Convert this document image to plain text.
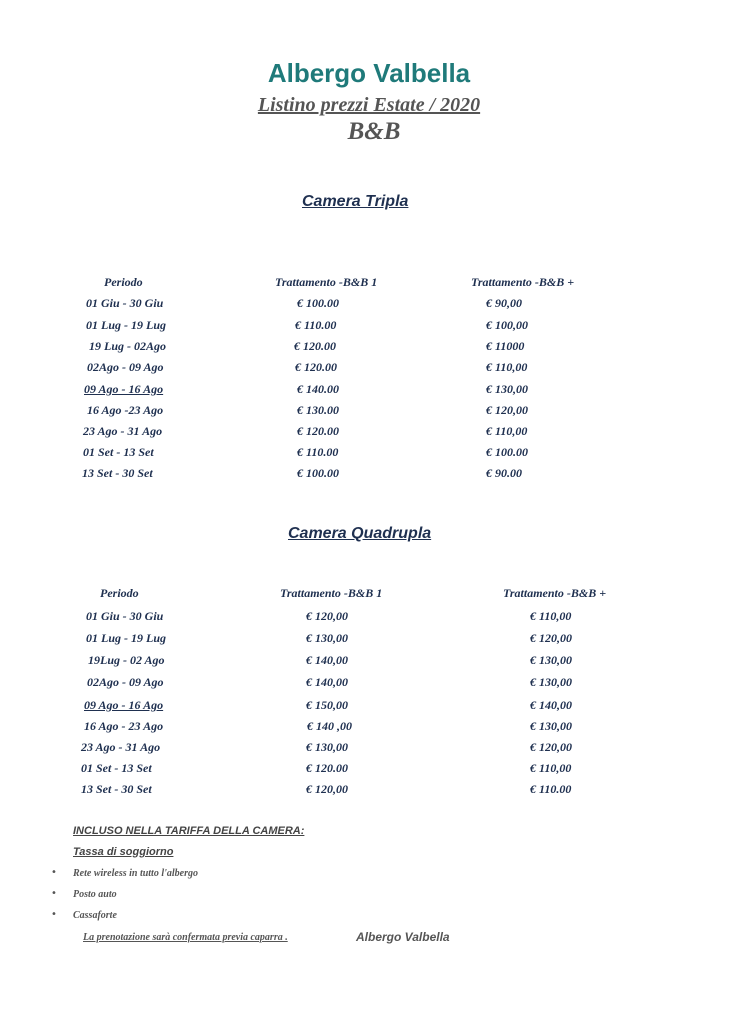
Albergo Valbella
Listino prezzi Estate / 2020
B&B
Camera Tripla
Periodo	Trattamento -B&B 1	Trattamento -B&B +
01 Giu - 30 Giu	€ 100.00	€ 90,00
01 Lug - 19 Lug	€ 110.00	€ 100,00
19 Lug - 02Ago	€ 120.00	€ 11000
02Ago - 09 Ago	€ 120.00	€ 110,00
09 Ago - 16 Ago	€ 140.00	€ 130,00
16 Ago -23 Ago	€ 130.00	€ 120,00
23 Ago - 31 Ago	€ 120.00	€ 110,00
01 Set - 13 Set	€ 110.00	€ 100.00
13 Set - 30 Set	€ 100.00	€ 90.00
Camera Quadrupla
Periodo	Trattamento -B&B 1	Trattamento -B&B +
01 Giu - 30 Giu	€ 120,00	€ 110,00
01 Lug - 19 Lug	€ 130,00	€ 120,00
19Lug - 02 Ago	€ 140,00	€ 130,00
02Ago - 09 Ago	€ 140,00	€ 130,00
09 Ago - 16 Ago	€ 150,00	€ 140,00
16 Ago - 23 Ago	€ 140 ,00	€ 130,00
23 Ago - 31 Ago	€ 130,00	€ 120,00
01 Set - 13 Set	€ 120.00	€ 110,00
13 Set - 30 Set	€ 120,00	€ 110.00
INCLUSO NELLA TARIFFA DELLA CAMERA:
Tassa di soggiorno
• Rete wireless in tutto l'albergo
• Posto auto
• Cassaforte
La prenotazione sarà confermata previa caparra .	Albergo Valbella
